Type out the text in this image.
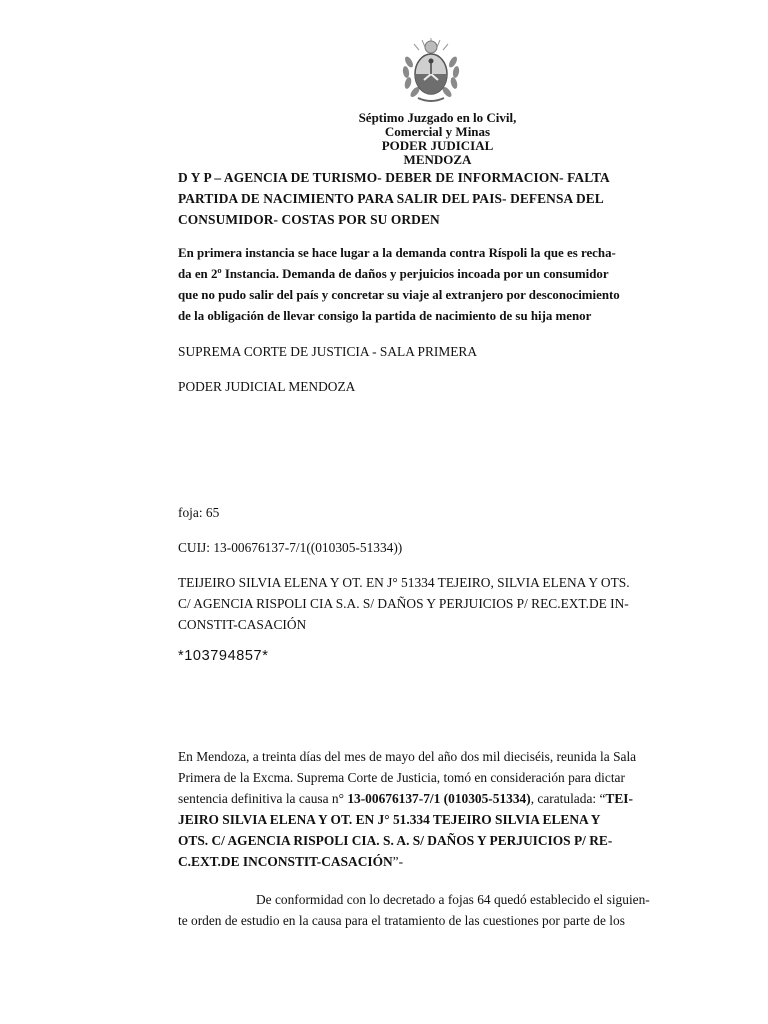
Séptimo Juzgado en lo Civil,
Comercial y Minas
PODER JUDICIAL
MENDOZA
D Y P – AGENCIA DE TURISMO- DEBER DE INFORMACION- FALTA
PARTIDA DE NACIMIENTO PARA SALIR DEL PAIS- DEFENSA DEL
CONSUMIDOR- COSTAS POR SU ORDEN
En primera instancia se hace lugar a la demanda contra Ríspoli la que es recha-
da en 2º Instancia. Demanda de daños y perjuicios incoada por un consumidor
que no pudo salir del país y concretar su viaje al extranjero por desconocimiento
de la obligación de llevar consigo la partida de nacimiento de su hija menor
SUPREMA CORTE DE JUSTICIA - SALA PRIMERA
PODER JUDICIAL MENDOZA
foja: 65
CUIJ: 13-00676137-7/1((010305-51334))
TEIJEIRO SILVIA ELENA Y OT. EN J° 51334 TEJEIRO, SILVIA ELENA Y OTS.
C/ AGENCIA RISPOLI CIA S.A. S/ DAÑOS Y PERJUICIOS P/ REC.EXT.DE IN-
CONSTIT-CASACIÓN
*103794857*
En Mendoza, a treinta días del mes de mayo del año dos mil dieciséis, reunida la Sala
Primera de la Excma. Suprema Corte de Justicia, tomó en consideración para dictar
sentencia definitiva la causa n° 13-00676137-7/1 (010305-51334), caratulada: “TEI-
JEIRO SILVIA ELENA Y OT. EN J° 51.334 TEJEIRO SILVIA ELENA Y
OTS. C/ AGENCIA RISPOLI CIA. S. A. S/ DAÑOS Y PERJUICIOS P/ RE-
C.EXT.DE INCONSTIT-CASACIÓN”-
De conformidad con lo decretado a fojas 64 quedó establecido el siguien-
te orden de estudio en la causa para el tratamiento de las cuestiones por parte de los
